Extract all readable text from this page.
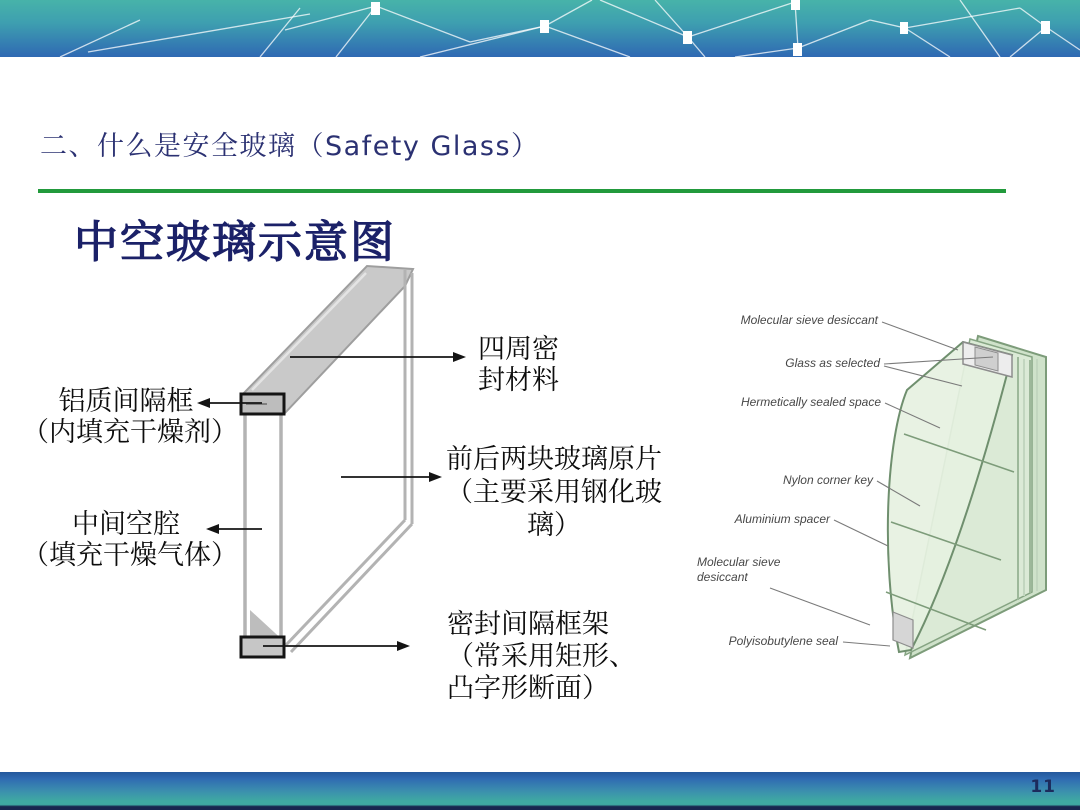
二、什么是安全玻璃（Safety Glass）
中空玻璃示意图
铝质间隔框
（内填充干燥剂）
中间空腔
（填充干燥气体）
四周密
封材料
前后两块玻璃原片
（主要采用钢化玻
璃）
密封间隔框架
（常采用矩形、
凸字形断面）
Molecular sieve desiccant
Glass as selected
Hermetically sealed space
Nylon corner key
Aluminium spacer
Molecular sieve
desiccant
Polyisobutylene seal
11
